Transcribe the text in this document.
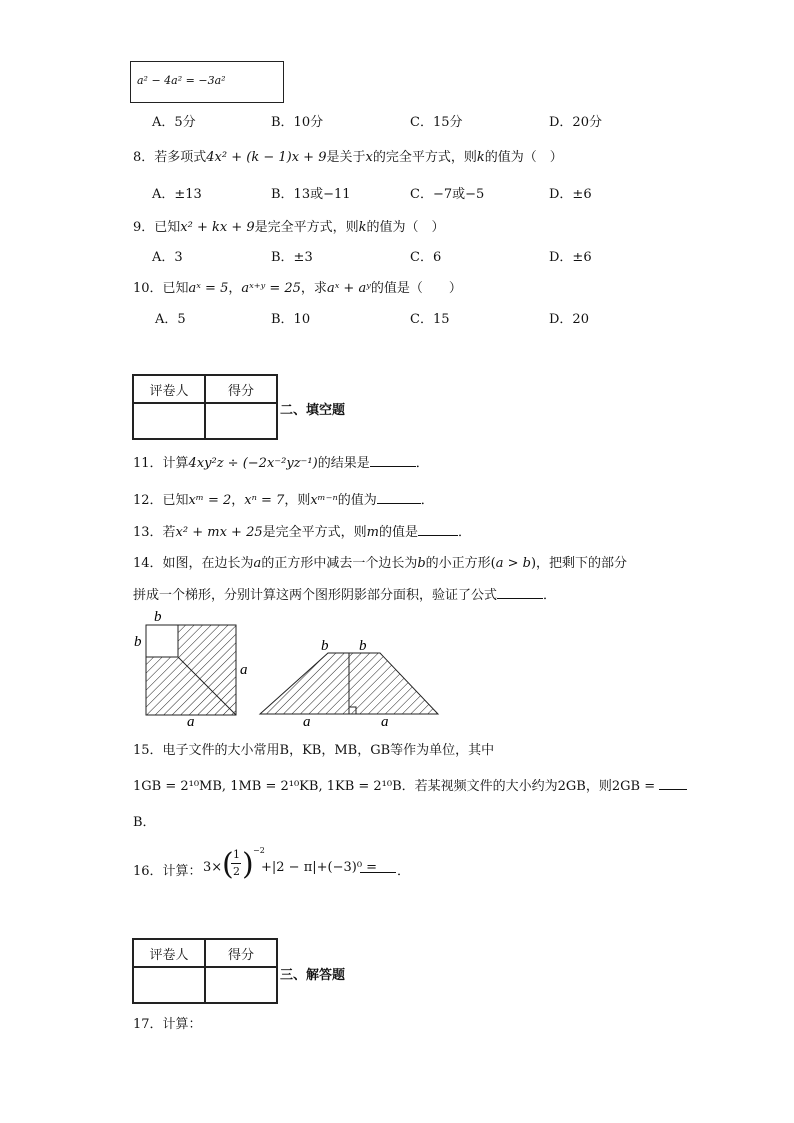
a² − 4a² = −3a²
A．5分	B．10分	C．15分	D．20分
8．若多项式4x² + (k − 1)x + 9是关于x的完全平方式，则k的值为（　）
A．±13	B．13或−11	C．−7或−5	D．±6
9．已知x² + kx + 9是完全平方式，则k的值为（　）
A．3	B．±3	C．6	D．±6
10．已知aˣ = 5，aˣ⁺ʸ = 25，求aˣ + aʸ的值是（　　）
A．5	B．10	C．15	D．20
评卷人	得分

二、填空题
11．计算4xy²z ÷ (−2x⁻²yz⁻¹)的结果是	．
12．已知xᵐ = 2，xⁿ = 7，则xᵐ⁻ⁿ的值为	．
13．若x² + mx + 25是完全平方式，则m的值是	．
14．如图，在边长为a的正方形中减去一个边长为b的小正方形(a > b)，把剩下的部分
拼成一个梯形，分别计算这两个图形阴影部分面积，验证了公式	．
b
b
a
a
b b
a	a
15．电子文件的大小常用B，KB，MB，GB等作为单位，其中
1GB = 2¹⁰MB, 1MB = 2¹⁰KB, 1KB = 2¹⁰B．若某视频文件的大小约为2GB，则2GB =
B．
16．计算： 3× ( 1
2 ) −2
+|2 − π|+(−3)⁰ = ．
评卷人	得分

三、解答题
17．计算：
